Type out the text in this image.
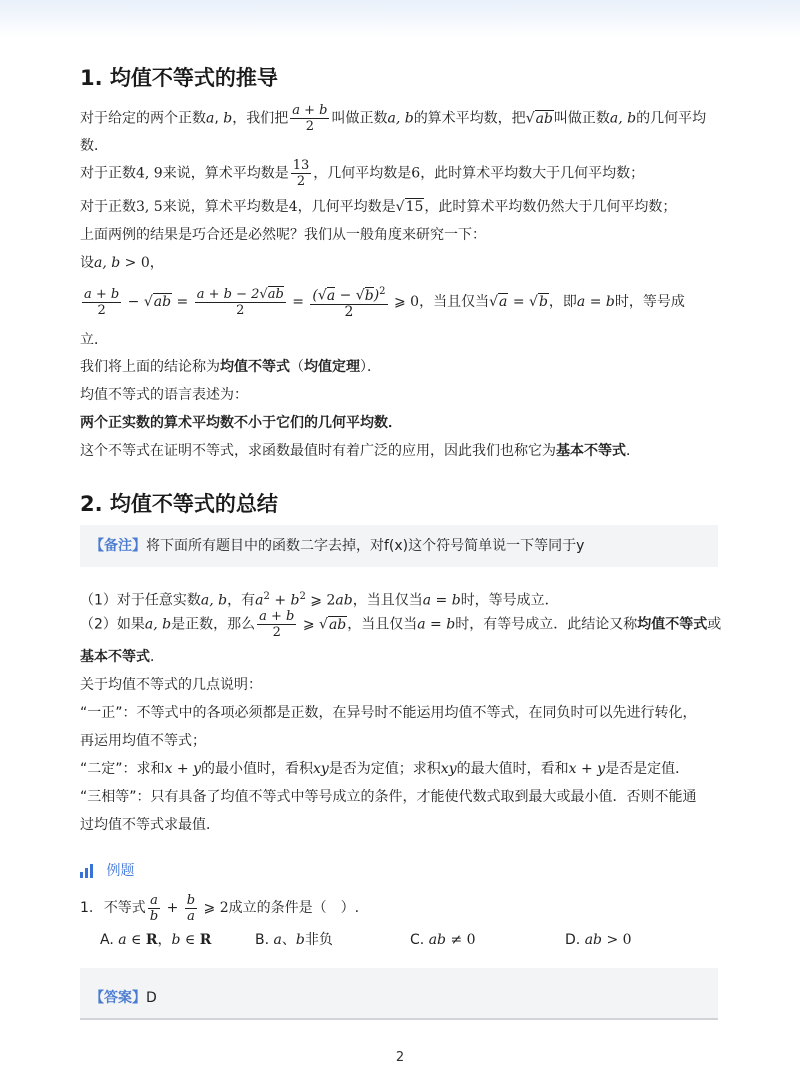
1. 均值不等式的推导
对于给定的两个正数a, b，我们把 $\frac{a + b}{2}$ 叫做正数a, b的算术平均数，把√ab叫做正数a, b的几何平均
数．
对于正数4, 9来说，算术平均数是 $\frac{13}{2}$ ，几何平均数是6，此时算术平均数大于几何平均数；
对于正数3, 5来说，算术平均数是4，几何平均数是√15，此时算术平均数仍然大于几何平均数；
上面两例的结果是巧合还是必然呢？我们从一般角度来研究一下：
设a, b > 0，
$\frac{a + b}{2} - √ab = \frac{a + b - 2√ab}{2} = \frac{(√a - √b)^2}{2}$ ⩾ 0，当且仅当√a = √b，即a = b时，等号成
立．
我们将上面的结论称为均值不等式（均值定理）．
均值不等式的语言表述为：
两个正实数的算术平均数不小于它们的几何平均数．
这个不等式在证明不等式，求函数最值时有着广泛的应用，因此我们也称它为基本不等式．
2. 均值不等式的总结
【备注】将下面所有题目中的函数二字去掉，对f(x)这个符号简单说一下等同于y
（1）对于任意实数a, b，有$a^2 + b^2$ ⩾ 2ab，当且仅当a = b时，等号成立．
（2）如果a, b是正数，那么 $\frac{a + b}{2}$ ⩾ √ab，当且仅当a = b时，有等号成立．此结论又称均值不等式或
基本不等式．
关于均值不等式的几点说明：
“一正”：不等式中的各项必须都是正数，在异号时不能运用均值不等式，在同负时可以先进行转化，
再运用均值不等式；
“二定”：求和x + y的最小值时，看积xy是否为定值；求积xy的最大值时，看和x + y是否是定值．
“三相等”：只有具备了均值不等式中等号成立的条件，才能使代数式取到最大或最小值．否则不能通
过均值不等式求最值．
例题
1. 不等式 $\frac{a}{b} + \frac{b}{a}$ ⩾ 2成立的条件是（　）.
A. a ∈ R，b ∈ R	B. a、b非负	C. ab ≠ 0	D. ab > 0
【答案】D
2
